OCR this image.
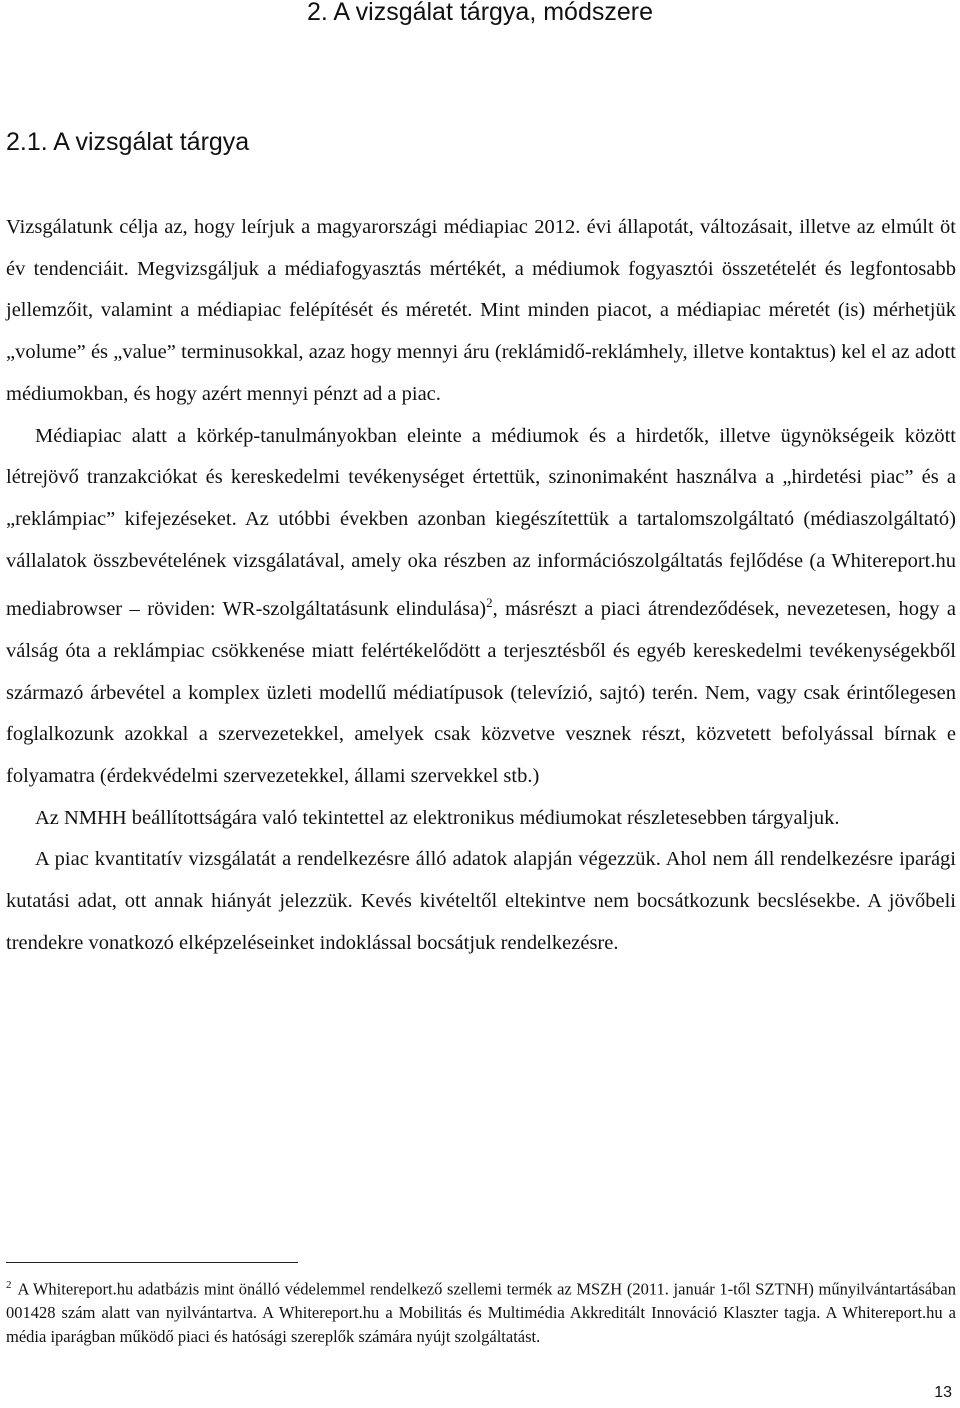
2. A vizsgálat tárgya, módszere
2.1. A vizsgálat tárgya

Vizsgálatunk célja az, hogy leírjuk a magyarországi médiapiac 2012. évi állapotát, változásait, illetve az elmúlt öt év tendenciáit. Megvizsgáljuk a médiafogyasztás mértékét, a médiumok fogyasztói összetételét és legfontosabb jellemzőit, valamint a médiapiac felépítését és méretét. Mint minden piacot, a médiapiac méretét (is) mérhetjük „volume” és „value” terminusokkal, azaz hogy mennyi áru (reklámidő-reklámhely, illetve kontaktus) kel el az adott médiumokban, és hogy azért mennyi pénzt ad a piac.

Médiapiac alatt a körkép-tanulmányokban eleinte a médiumok és a hirdetők, illetve ügynökségeik között létrejövő tranzakciókat és kereskedelmi tevékenységet értettük, szinonimaként használva a „hirdetési piac” és a „reklámpiac” kifejezéseket. Az utóbbi években azonban kiegészítettük a tartalomszolgáltató (médiaszolgáltató) vállalatok összbevételének vizsgálatával, amely oka részben az információszolgáltatás fejlődése (a Whitereport.hu mediabrowser – röviden: WR-szolgáltatásunk elindulása)$^2$, másrészt a piaci átrendeződések, nevezetesen, hogy a válság óta a reklámpiac csökkenése miatt felértékelődött a terjesztésből és egyéb kereskedelmi tevékenységekből származó árbevétel a komplex üzleti modellű médiatípusok (televízió, sajtó) terén. Nem, vagy csak érintőlegesen foglalkozunk azokkal a szervezetekkel, amelyek csak közvetve vesznek részt, közvetett befolyással bírnak e folyamatra (érdekvédelmi szervezetekkel, állami szervekkel stb.)

Az NMHH beállítottságára való tekintettel az elektronikus médiumokat részletesebben tárgyaljuk.

A piac kvantitatív vizsgálatát a rendelkezésre álló adatok alapján végezzük. Ahol nem áll rendelkezésre iparági kutatási adat, ott annak hiányát jelezzük. Kevés kivételtől eltekintve nem bocsátkozunk becslésekbe. A jövőbeli trendekre vonatkozó elképzeléseinket indoklással bocsátjuk rendelkezésre.

$^2$ A Whitereport.hu adatbázis mint önálló védelemmel rendelkező szellemi termék az MSZH (2011. január 1-től SZTNH) műnyilvántartásában 001428 szám alatt van nyilvántartva. A Whitereport.hu a Mobilitás és Multimédia Akkreditált Innováció Klaszter tagja. A Whitereport.hu a média iparágban működő piaci és hatósági szereplők számára nyújt szolgáltatást.
13
